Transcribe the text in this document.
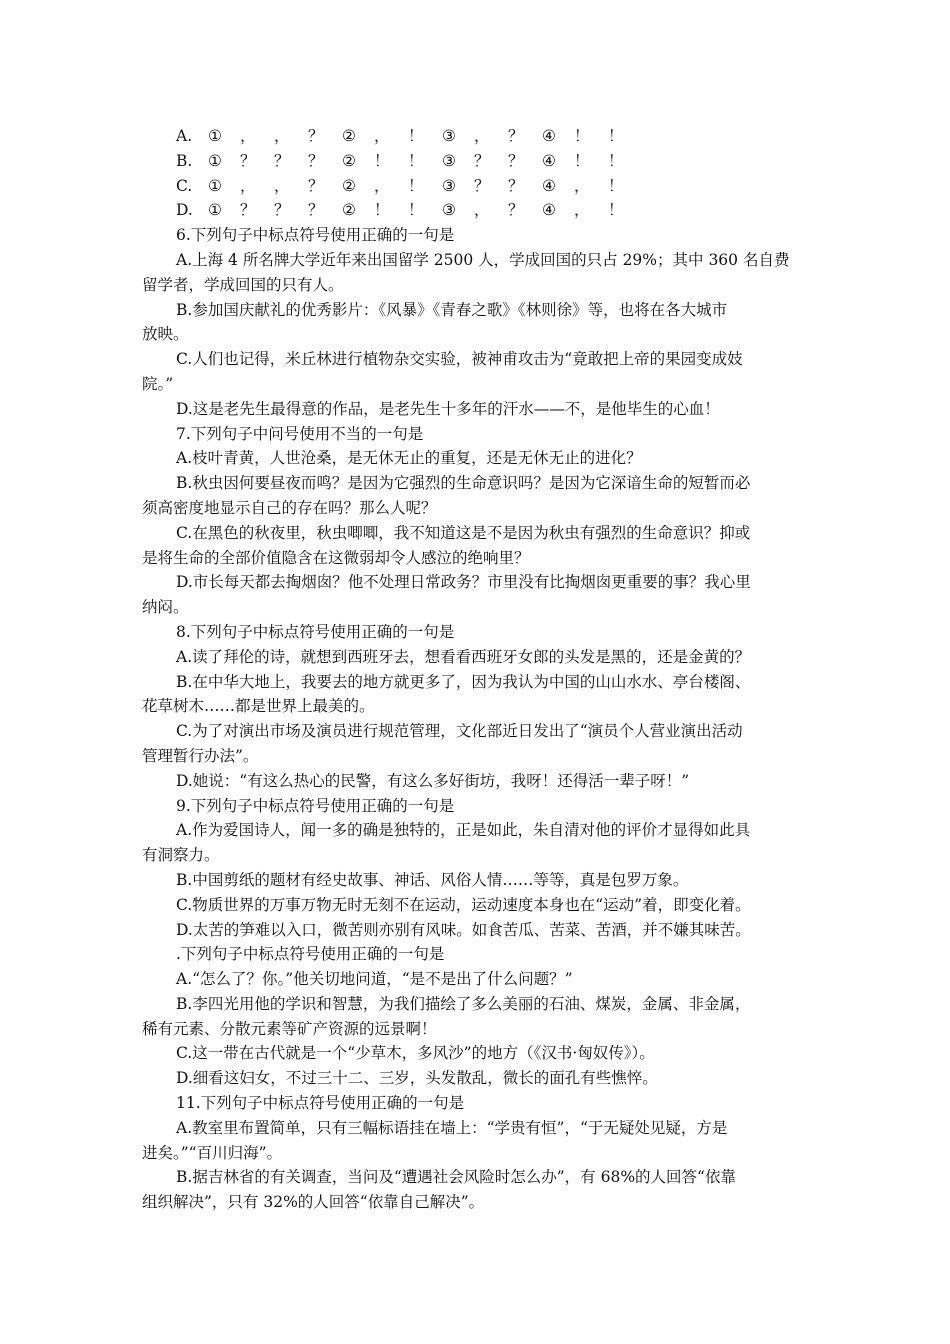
A.	①	，	，	？	②	，	！	③	，	？	④	！	！
B.	①	？	？	？	②	！	！	③	？	？	④	！	！
C.	①	，	，	？	②	，	！	③	？	？	④	，	！
D. ①	？	？	？	②	！	！	③	，	？	④	，	！
6.下列句子中标点符号使用正确的一句是
A.上海 4 所名牌大学近年来出国留学 2500 人，学成回国的只占 29%；其中 360 名自费
留学者，学成回国的只有人。
B.参加国庆献礼的优秀影片：《风暴》《青春之歌》《林则徐》等，也将在各大城市
放映。
C.人们也记得，米丘林进行植物杂交实验，被神甫攻击为“竟敢把上帝的果园变成妓
院。”
D.这是老先生最得意的作品，是老先生十多年的汗水——不，是他毕生的心血！
7.下列句子中问号使用不当的一句是
A.枝叶青黄，人世沧桑，是无休无止的重复，还是无休无止的进化？
B.秋虫因何要昼夜而鸣？是因为它强烈的生命意识吗？是因为它深谙生命的短暂而必
须高密度地显示自己的存在吗？那么人呢？
C.在黑色的秋夜里，秋虫唧唧，我不知道这是不是因为秋虫有强烈的生命意识？抑或
是将生命的全部价值隐含在这微弱却令人感泣的绝响里？
D.市长每天都去掏烟囱？他不处理日常政务？市里没有比掏烟囱更重要的事？我心里
纳闷。
8.下列句子中标点符号使用正确的一句是
A.读了拜伦的诗，就想到西班牙去，想看看西班牙女郎的头发是黑的，还是金黄的？
B.在中华大地上，我要去的地方就更多了，因为我认为中国的山山水水、亭台楼阁、
花草树木……都是世界上最美的。
C.为了对演出市场及演员进行规范管理，文化部近日发出了“演员个人营业演出活动
管理暂行办法”。
D.她说：“有这么热心的民警，有这么多好街坊，我呀！还得活一辈子呀！”
9.下列句子中标点符号使用正确的一句是
A.作为爱国诗人，闻一多的确是独特的，正是如此，朱自清对他的评价才显得如此具
有洞察力。
B.中国剪纸的题材有经史故事、神话、风俗人情……等等，真是包罗万象。
C.物质世界的万事万物无时无刻不在运动，运动速度本身也在“运动”着，即变化着。
D.太苦的笋难以入口，微苦则亦别有风味。如食苦瓜、苦菜、苦酒，并不嫌其味苦。
.下列句子中标点符号使用正确的一句是
A.“怎么了？你。”他关切地问道，“是不是出了什么问题？”
B.李四光用他的学识和智慧，为我们描绘了多么美丽的石油、煤炭，金属、非金属，
稀有元素、分散元素等矿产资源的远景啊！
C.这一带在古代就是一个“少草木，多风沙”的地方（《汉书·匈奴传》）。
D.细看这妇女，不过三十二、三岁，头发散乱，微长的面孔有些憔悴。
11.下列句子中标点符号使用正确的一句是
A.教室里布置简单，只有三幅标语挂在墙上：“学贵有恒”，“于无疑处见疑，方是
进矣。”“百川归海”。
B.据吉林省的有关调查，当问及“遭遇社会风险时怎么办”，有 68%的人回答“依靠
组织解决”，只有 32%的人回答“依靠自己解决”。
